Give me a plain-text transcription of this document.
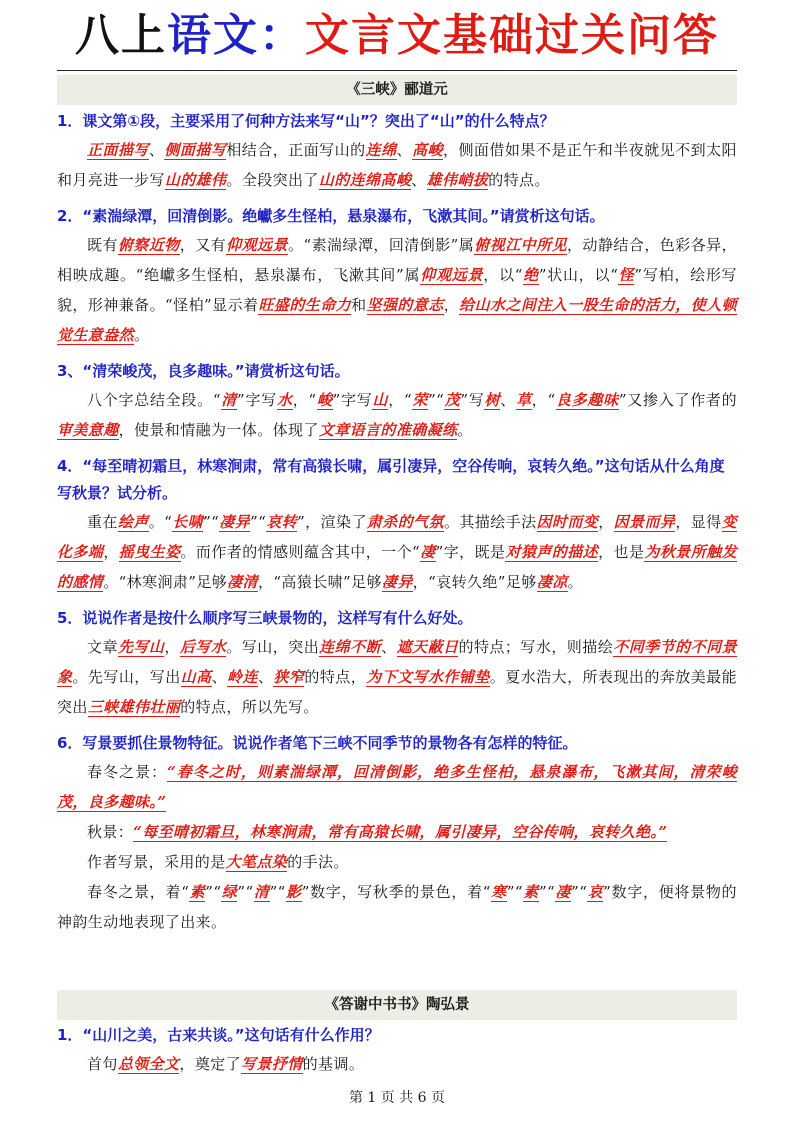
八上语文：文言文基础过关问答
《三峡》郦道元

1．课文第①段，主要采用了何种方法来写“山”？突出了“山”的什么特点？

正面描写、侧面描写相结合，正面写山的连绵、高峻，侧面借如果不是正午和半夜就见不到太阳和月亮进一步写山的雄伟。全段突出了山的连绵高峻、雄伟峭拔的特点。

2．“素湍绿潭，回清倒影。绝巘多生怪柏，悬泉瀑布，飞漱其间。”请赏析这句话。

既有俯察近物，又有仰观远景。“素湍绿潭，回清倒影”属俯视江中所见，动静结合，色彩各异，相映成趣。“绝巘多生怪柏，悬泉瀑布，飞漱其间”属仰观远景，以“绝”状山，以“怪”写柏，绘形写貌，形神兼备。“怪柏”显示着旺盛的生命力和坚强的意志，给山水之间注入一股生命的活力，使人顿觉生意盎然。

3、“清荣峻茂，良多趣味。”请赏析这句话。

八个字总结全段。“清”字写水，“峻”字写山，“荣”“茂”写树、草，“良多趣味”又掺入了作者的审美意趣，使景和情融为一体。体现了文章语言的准确凝练。

4．“每至晴初霜旦，林寒涧肃，常有高猿长啸，属引凄异，空谷传响，哀转久绝。”这句话从什么角度写秋景？试分析。

重在绘声。“长啸”“凄异”“哀转”，渲染了肃杀的气氛。其描绘手法因时而变，因景而异，显得变化多端，摇曳生姿。而作者的情感则蕴含其中，一个“凄”字，既是对猿声的描述，也是为秋景所触发的感情。“林寒涧肃”足够凄清，“高猿长啸”足够凄异，“哀转久绝”足够凄凉。

5．说说作者是按什么顺序写三峡景物的，这样写有什么好处。

文章先写山，后写水。写山，突出连绵不断、遮天蔽日的特点；写水，则描绘不同季节的不同景象。先写山，写出山高、岭连、狭窄的特点，为下文写水作铺垫。夏水浩大，所表现出的奔放美最能突出三峡雄伟壮丽的特点，所以先写。

6．写景要抓住景物特征。说说作者笔下三峡不同季节的景物各有怎样的特征。

春冬之景：“春冬之时，则素湍绿潭，回清倒影，绝多生怪柏，悬泉瀑布，飞漱其间，清荣峻茂，良多趣味。”

秋景：“每至晴初霜旦，林寒涧肃，常有高猿长啸，属引凄异，空谷传响，哀转久绝。”

作者写景，采用的是大笔点染的手法。

春冬之景，着“素”“绿”“清”“影”数字，写秋季的景色，着“寒”“素”“凄”“哀”数字，便将景物的神韵生动地表现了出来。

《答谢中书书》陶弘景

1．“山川之美，古来共谈。”这句话有什么作用？

首句总领全文，奠定了写景抒情的基调。

第 1 页 共 6 页
